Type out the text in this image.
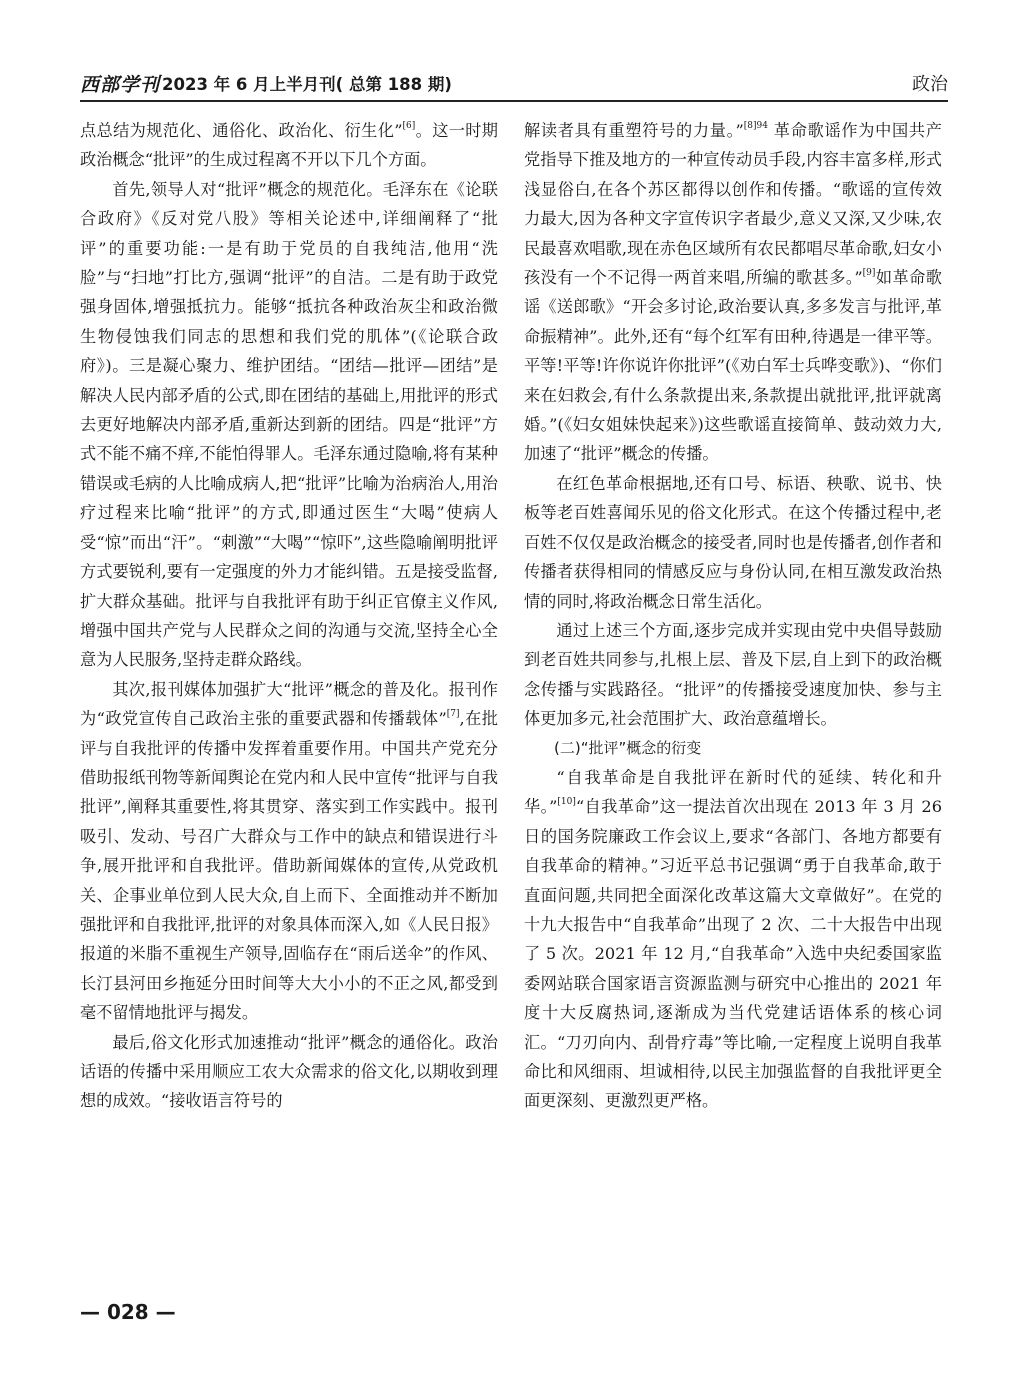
西部学刊 2023 年 6 月上半月刊( 总第 188 期)	政治

点总结为规范化、通俗化、政治化、衍生化”[6]。这一时期政治概念“批评”的生成过程离不开以下几个方面。

首先,领导人对“批评”概念的规范化。毛泽东在《论联合政府》《反对党八股》等相关论述中,详细阐释了“批评”的重要功能:一是有助于党员的自我纯洁,他用“洗脸”与“扫地”打比方,强调“批评”的自洁。二是有助于政党强身固体,增强抵抗力。能够“抵抗各种政治灰尘和政治微生物侵蚀我们同志的思想和我们党的肌体”(《论联合政府》)。三是凝心聚力、维护团结。“团结—批评—团结”是解决人民内部矛盾的公式,即在团结的基础上,用批评的形式去更好地解决内部矛盾,重新达到新的团结。四是“批评”方式不能不痛不痒,不能怕得罪人。毛泽东通过隐喻,将有某种错误或毛病的人比喻成病人,把“批评”比喻为治病治人,用治疗过程来比喻“批评”的方式,即通过医生“大喝”使病人受“惊”而出“汗”。“刺激”“大喝”“惊吓”,这些隐喻阐明批评方式要锐利,要有一定强度的外力才能纠错。五是接受监督,扩大群众基础。批评与自我批评有助于纠正官僚主义作风,增强中国共产党与人民群众之间的沟通与交流,坚持全心全意为人民服务,坚持走群众路线。

其次,报刊媒体加强扩大“批评”概念的普及化。报刊作为“政党宣传自己政治主张的重要武器和传播载体”[7],在批评与自我批评的传播中发挥着重要作用。中国共产党充分借助报纸刊物等新闻舆论在党内和人民中宣传“批评与自我批评”,阐释其重要性,将其贯穿、落实到工作实践中。报刊吸引、发动、号召广大群众与工作中的缺点和错误进行斗争,展开批评和自我批评。借助新闻媒体的宣传,从党政机关、企事业单位到人民大众,自上而下、全面推动并不断加强批评和自我批评,批评的对象具体而深入,如《人民日报》报道的米脂不重视生产领导,固临存在“雨后送伞”的作风、长汀县河田乡拖延分田时间等大大小小的不正之风,都受到毫不留情地批评与揭发。

最后,俗文化形式加速推动“批评”概念的通俗化。政治话语的传播中采用顺应工农大众需求的俗文化,以期收到理想的成效。“接收语言符号的

解读者具有重塑符号的力量。”$^{[8]94}$ 革命歌谣作为中国共产党指导下推及地方的一种宣传动员手段,内容丰富多样,形式浅显俗白,在各个苏区都得以创作和传播。“歌谣的宣传效力最大,因为各种文字宣传识字者最少,意义又深,又少味,农民最喜欢唱歌,现在赤色区域所有农民都唱尽革命歌,妇女小孩没有一个不记得一两首来唱,所编的歌甚多。”[9]如革命歌谣《送郎歌》“开会多讨论,政治要认真,多多发言与批评,革命振精神”。此外,还有“每个红军有田种,待遇是一律平等。平等!平等!许你说许你批评”(《劝白军士兵哗变歌》)、“你们来在妇救会,有什么条款提出来,条款提出就批评,批评就离婚。”(《妇女姐妹快起来》)这些歌谣直接简单、鼓动效力大,加速了“批评”概念的传播。

在红色革命根据地,还有口号、标语、秧歌、说书、快板等老百姓喜闻乐见的俗文化形式。在这个传播过程中,老百姓不仅仅是政治概念的接受者,同时也是传播者,创作者和传播者获得相同的情感反应与身份认同,在相互激发政治热情的同时,将政治概念日常生活化。

通过上述三个方面,逐步完成并实现由党中央倡导鼓励到老百姓共同参与,扎根上层、普及下层,自上到下的政治概念传播与实践路径。“批评”的传播接受速度加快、参与主体更加多元,社会范围扩大、政治意蕴增长。

(二)“批评”概念的衍变

“自我革命是自我批评在新时代的延续、转化和升华。”[10]“自我革命”这一提法首次出现在 2013 年 3 月 26 日的国务院廉政工作会议上,要求“各部门、各地方都要有自我革命的精神。”习近平总书记强调“勇于自我革命,敢于直面问题,共同把全面深化改革这篇大文章做好”。在党的十九大报告中“自我革命”出现了 2 次、二十大报告中出现了 5 次。2021 年 12 月,“自我革命”入选中央纪委国家监委网站联合国家语言资源监测与研究中心推出的 2021 年度十大反腐热词,逐渐成为当代党建话语体系的核心词汇。“刀刃向内、刮骨疗毒”等比喻,一定程度上说明自我革命比和风细雨、坦诚相待,以民主加强监督的自我批评更全面更深刻、更激烈更严格。

— 028 —
